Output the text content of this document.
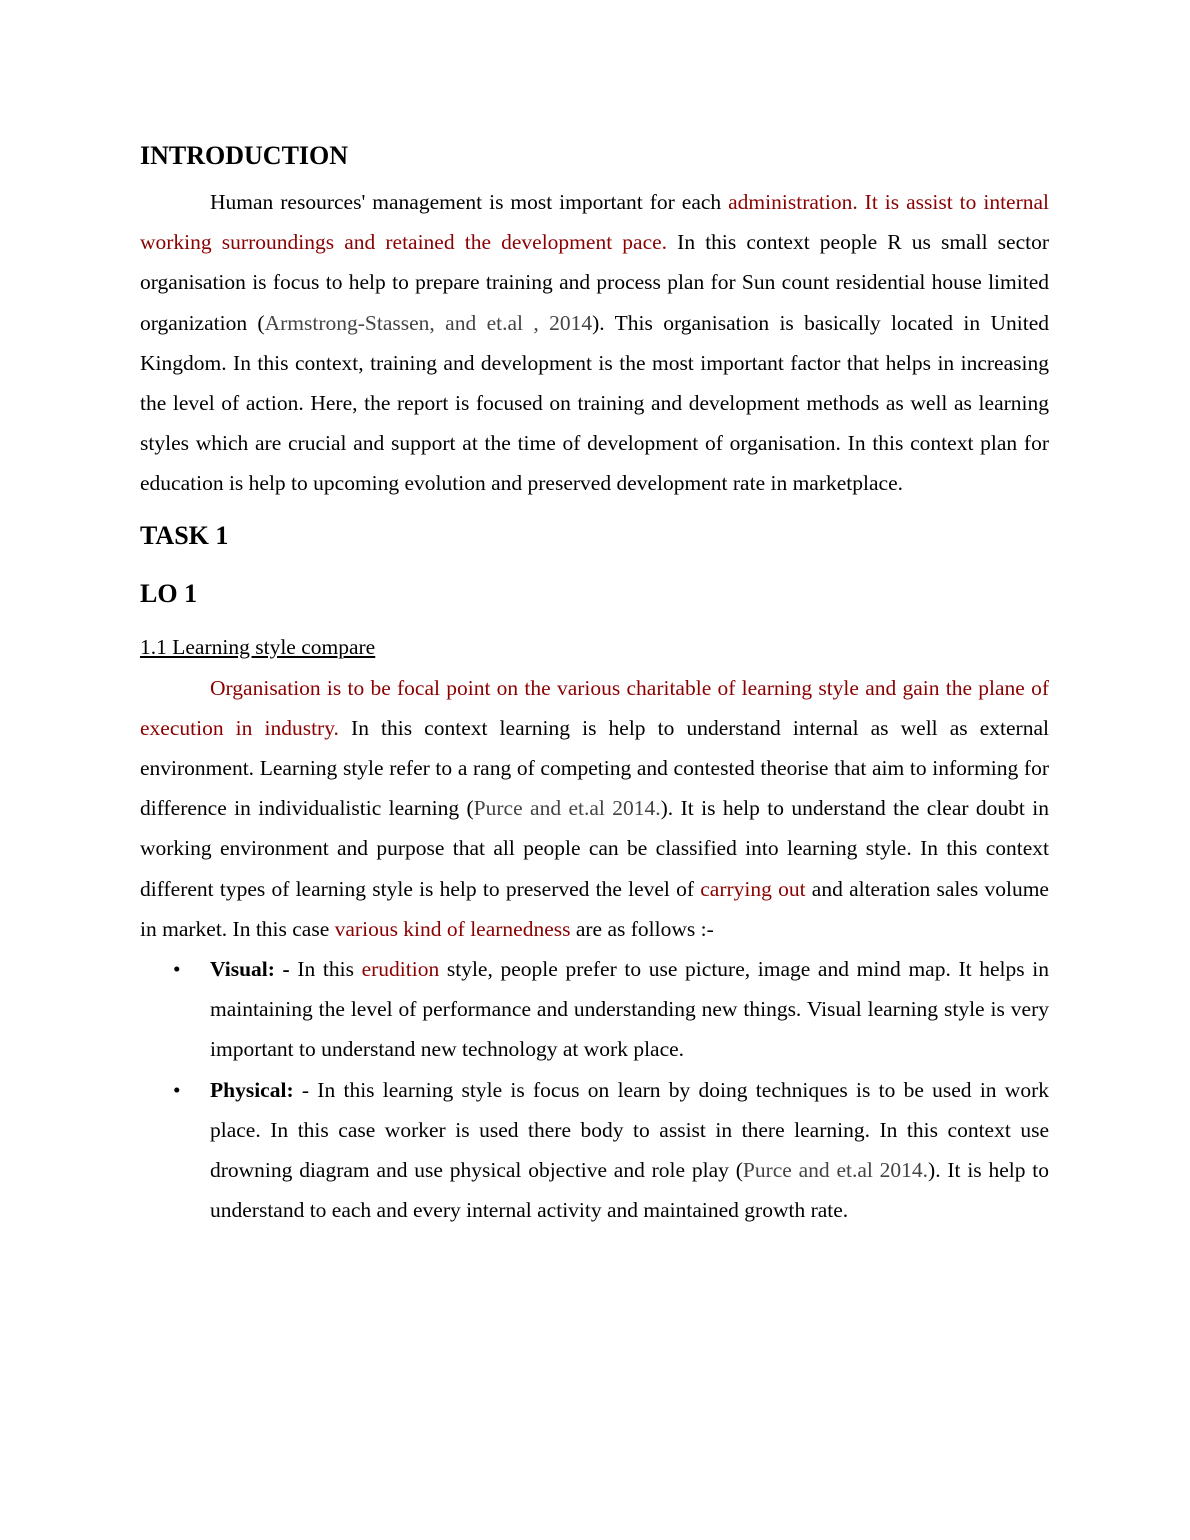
INTRODUCTION

Human resources' management is most important for each administration. It is assist to internal working surroundings and retained the development pace. In this context people R us small sector organisation is focus to help to prepare training and process plan for Sun count residential house limited organization (Armstrong-Stassen, and et.al , 2014). This organisation is basically located in United Kingdom. In this context, training and development is the most important factor that helps in increasing the level of action. Here, the report is focused on training and development methods as well as learning styles which are crucial and support at the time of development of organisation. In this context plan for education is help to upcoming evolution and preserved development rate in marketplace.

TASK 1
LO 1

1.1 Learning style compare

Organisation is to be focal point on the various charitable of learning style and gain the plane of execution in industry. In this context learning is help to understand internal as well as external environment. Learning style refer to a rang of competing and contested theorise that aim to informing for difference in individualistic learning (Purce and et.al 2014.). It is help to understand the clear doubt in working environment and purpose that all people can be classified into learning style. In this context different types of learning style is help to preserved the level of carrying out and alteration sales volume in market. In this case various kind of learnedness are as follows :-

• Visual: - In this erudition style, people prefer to use picture, image and mind map. It helps in maintaining the level of performance and understanding new things. Visual learning style is very important to understand new technology at work place.
• Physical: - In this learning style is focus on learn by doing techniques is to be used in work place. In this case worker is used there body to assist in there learning. In this context use drowning diagram and use physical objective and role play (Purce and et.al 2014.). It is help to understand to each and every internal activity and maintained growth rate.
